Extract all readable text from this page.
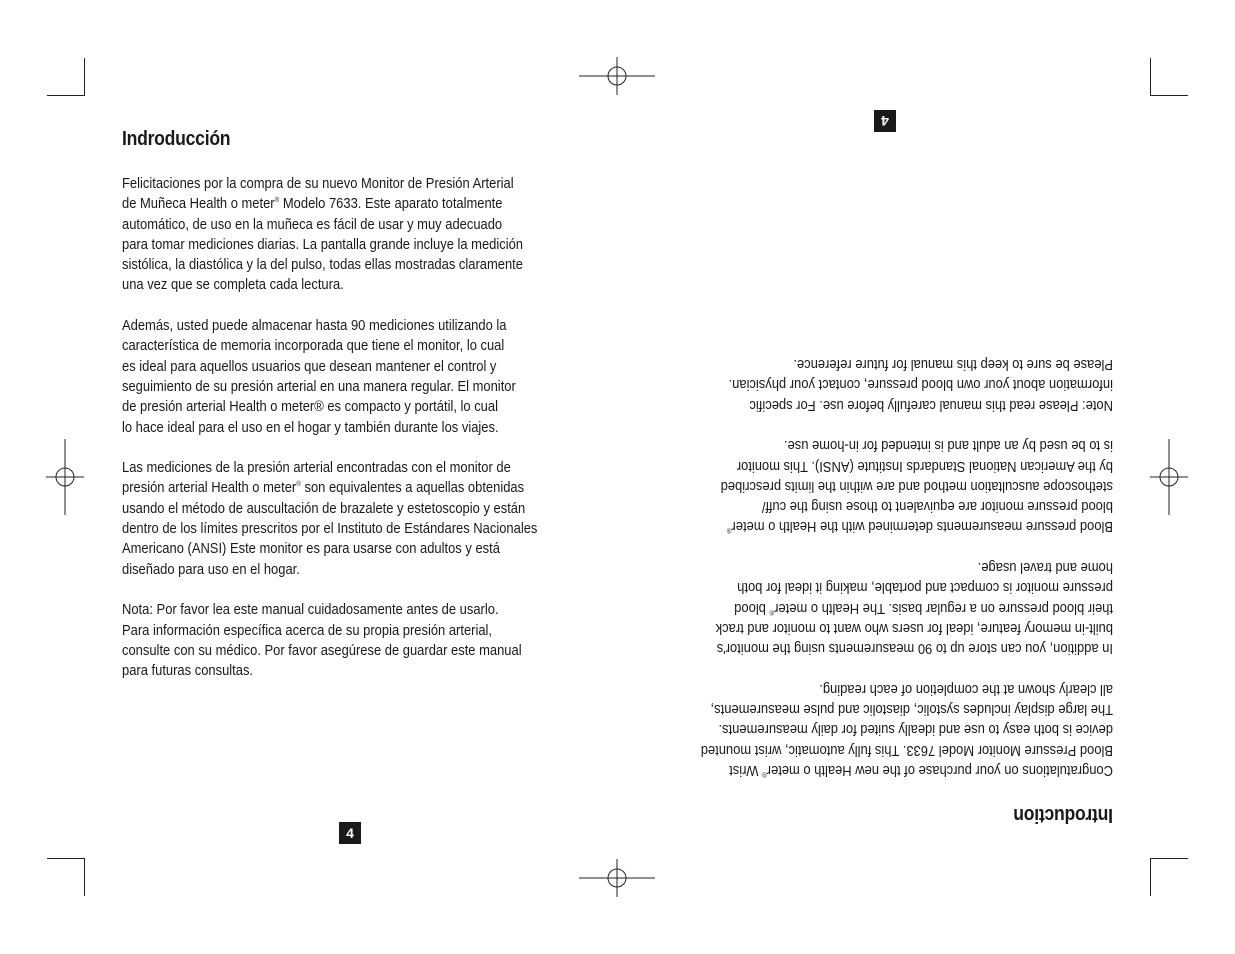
Indroducción

Felicitaciones por la compra de su nuevo Monitor de Presión Arterial
de Muñeca Health o meter® Modelo 7633. Este aparato totalmente
automático, de uso en la muñeca es fácil de usar y muy adecuado
para tomar mediciones diarias. La pantalla grande incluye la medición
sistólica, la diastólica y la del pulso, todas ellas mostradas claramente
una vez que se completa cada lectura.

Además, usted puede almacenar hasta 90 mediciones utilizando la
característica de memoria incorporada que tiene el monitor, lo cual
es ideal para aquellos usuarios que desean mantener el control y
seguimiento de su presión arterial en una manera regular. El monitor
de presión arterial Health o meter® es compacto y portátil, lo cual
lo hace ideal para el uso en el hogar y también durante los viajes.

Las mediciones de la presión arterial encontradas con el monitor de
presión arterial Health o meter® son equivalentes a aquellas obtenidas
usando el método de auscultación de brazalete y estetoscopio y están
dentro de los límites prescritos por el Instituto de Estándares Nacionales
Americano (ANSI) Este monitor es para usarse con adultos y está
diseñado para uso en el hogar.

Nota: Por favor lea este manual cuidadosamente antes de usarlo.
Para información específica acerca de su propia presión arterial,
consulte con su médico. Por favor asegúrese de guardar este manual
para futuras consultas.

4
Introduction

Congratulations on your purchase of the new Health o meter® Wrist
Blood Pressure Monitor Model 7633. This fully automatic, wrist mounted
device is both easy to use and ideally suited for daily measurements.
The large display includes systolic, diastolic and pulse measurements,
all clearly shown at the completion of each reading.

In addition, you can store up to 90 measurements using the monitor's
built-in memory feature, ideal for users who want to monitor and track
their blood pressure on a regular basis. The Health o meter® blood
pressure monitor is compact and portable, making it ideal for both
home and travel usage.

Blood pressure measurements determined with the Health o meter®
blood pressure monitor are equivalent to those using the cuff/
stethoscope auscultation method and are within the limits prescribed
by the American National Standards Institute (ANSI). This monitor
is to be used by an adult and is intended for in-home use.

Note: Please read this manual carefully before use. For specific
information about your own blood pressure, contact your physician.
Please be sure to keep this manual for future reference.

4
